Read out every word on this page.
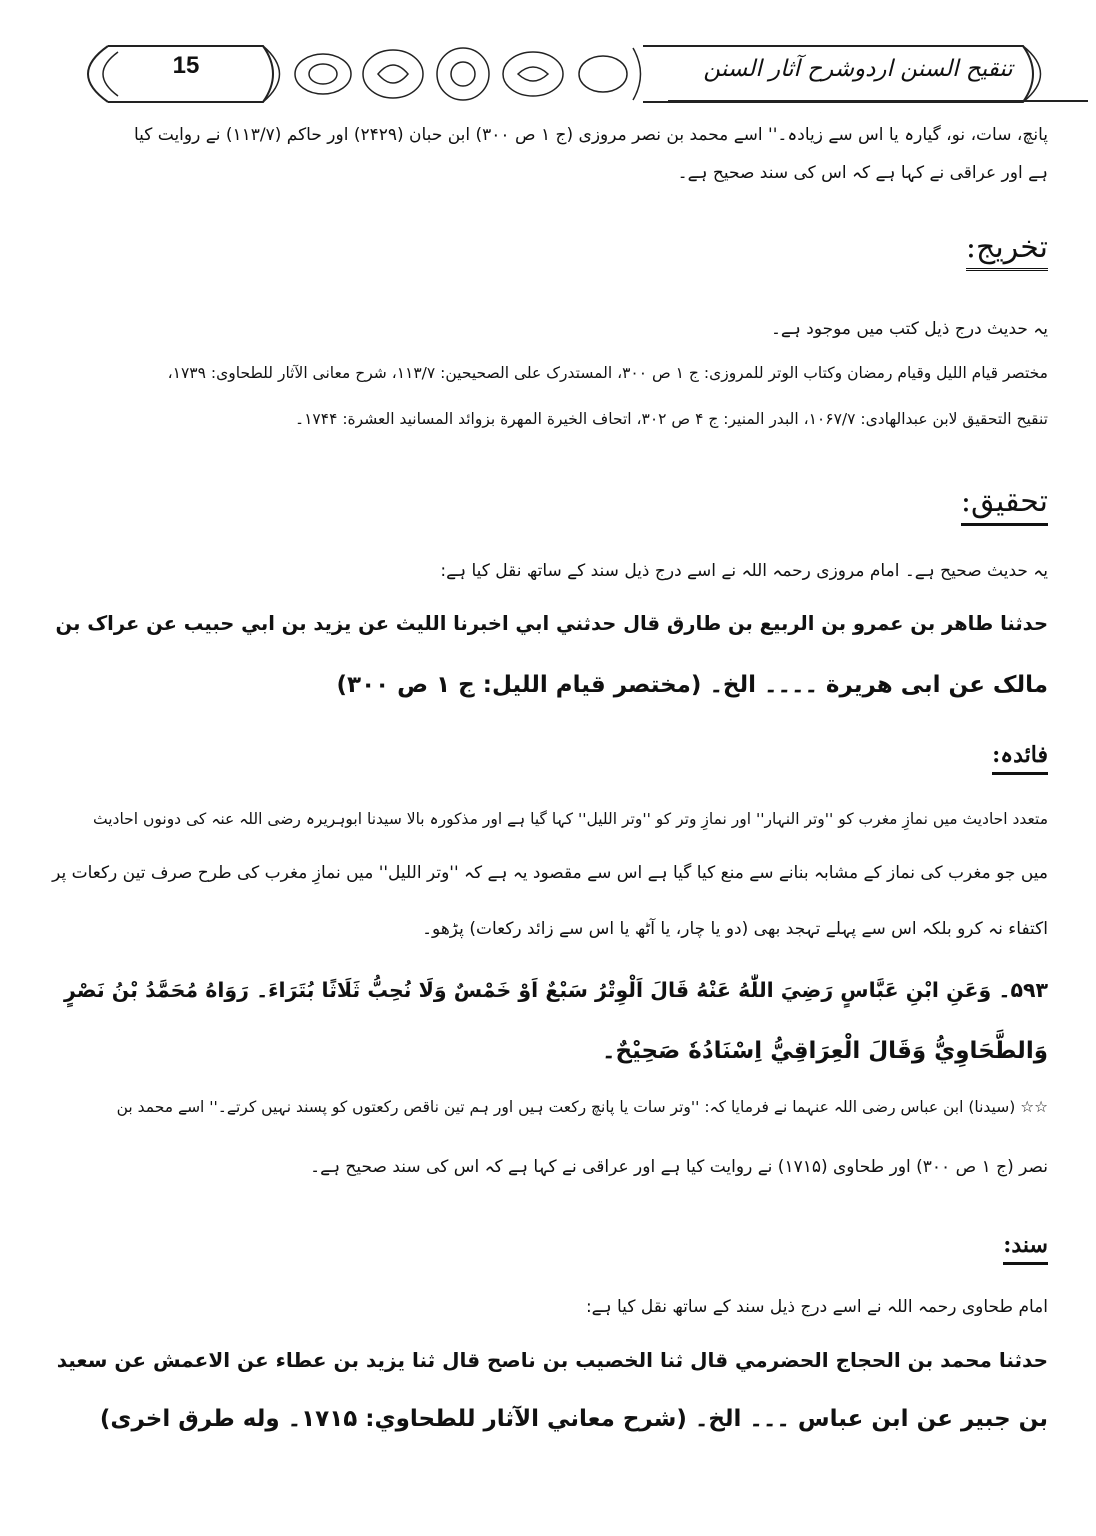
15	تنقیح السنن اردوشرح آثار السنن
پانچ، سات، نو، گیارہ یا اس سے زیادہ۔'' اسے محمد بن نصر مروزی (ج ۱ ص ۳۰۰) ابن حبان (۲۴۲۹) اور حاکم (۱۱۳/۷) نے روایت کیا
ہے اور عراقی نے کہا ہے کہ اس کی سند صحیح ہے۔
تخریج:
یہ حدیث درج ذیل کتب میں موجود ہے۔
مختصر قیام اللیل وقیام رمضان وکتاب الوتر للمروزی: ج ۱ ص ۳۰۰، المستدرک علی الصحیحین: ۱۱۳/۷، شرح معانی الآثار للطحاوی: ۱۷۳۹،
تنقیح التحقیق لابن عبدالهادی: ۱۰۶۷/۷، البدر المنیر: ج ۴ ص ۳۰۲، اتحاف الخیرة المهرة بزوائد المسانید العشرة: ۱۷۴۴۔
تحقیق:
یہ حدیث صحیح ہے۔ امام مروزی رحمہ اللہ نے اسے درج ذیل سند کے ساتھ نقل کیا ہے:
حدثنا طاهر بن عمرو بن الربيع بن طارق قال حدثني ابي اخبرنا الليث عن يزيد بن ابي حبيب عن عراک بن
مالک عن ابی هريرة ۔۔۔۔ الخ۔ (مختصر قيام الليل: ج ۱ ص ۳۰۰)
فائدہ:
متعدد احادیث میں نمازِ مغرب کو ''وتر النہار'' اور نمازِ وتر کو ''وتر اللیل'' کہا گیا ہے اور مذکورہ بالا سیدنا ابوہریرہ رضی اللہ عنہ کی دونوں احادیث
میں جو مغرب کی نماز کے مشابہ بنانے سے منع کیا گیا ہے اس سے مقصود یہ ہے کہ ''وتر اللیل'' میں نمازِ مغرب کی طرح صرف تین رکعات پر
اکتفاء نہ کرو بلکہ اس سے پہلے تہجد بھی (دو یا چار، یا آٹھ یا اس سے زائد رکعات) پڑھو۔
۵۹۳۔ وَعَنِ ابْنِ عَبَّاسٍ رَضِيَ اللّٰهُ عَنْهُ قَالَ اَلْوِتْرُ سَبْعٌ اَوْ خَمْسٌ وَلَا نُحِبُّ ثَلَاثًا بُتَرَاءَ۔ رَوَاهُ مُحَمَّدُ بْنُ نَصْرٍ
وَالطَّحَاوِيُّ وَقَالَ الْعِرَاقِيُّ اِسْنَادُهٗ صَحِيْحٌ۔
☆☆ (سیدنا) ابن عباس رضی اللہ عنہما نے فرمایا کہ: ''وتر سات یا پانچ رکعت ہیں اور ہم تین ناقص رکعتوں کو پسند نہیں کرتے۔'' اسے محمد بن
نصر (ج ۱ ص ۳۰۰) اور طحاوی (۱۷۱۵) نے روایت کیا ہے اور عراقی نے کہا ہے کہ اس کی سند صحیح ہے۔
سند:
امام طحاوی رحمہ اللہ نے اسے درج ذیل سند کے ساتھ نقل کیا ہے:
حدثنا محمد بن الحجاج الحضرمي قال ثنا الخصيب بن ناصح قال ثنا يزيد بن عطاء عن الاعمش عن سعيد
بن جبير عن ابن عباس ۔۔۔ الخ۔ (شرح معاني الآثار للطحاوي: ۱۷۱۵۔ وله طرق اخرى)
